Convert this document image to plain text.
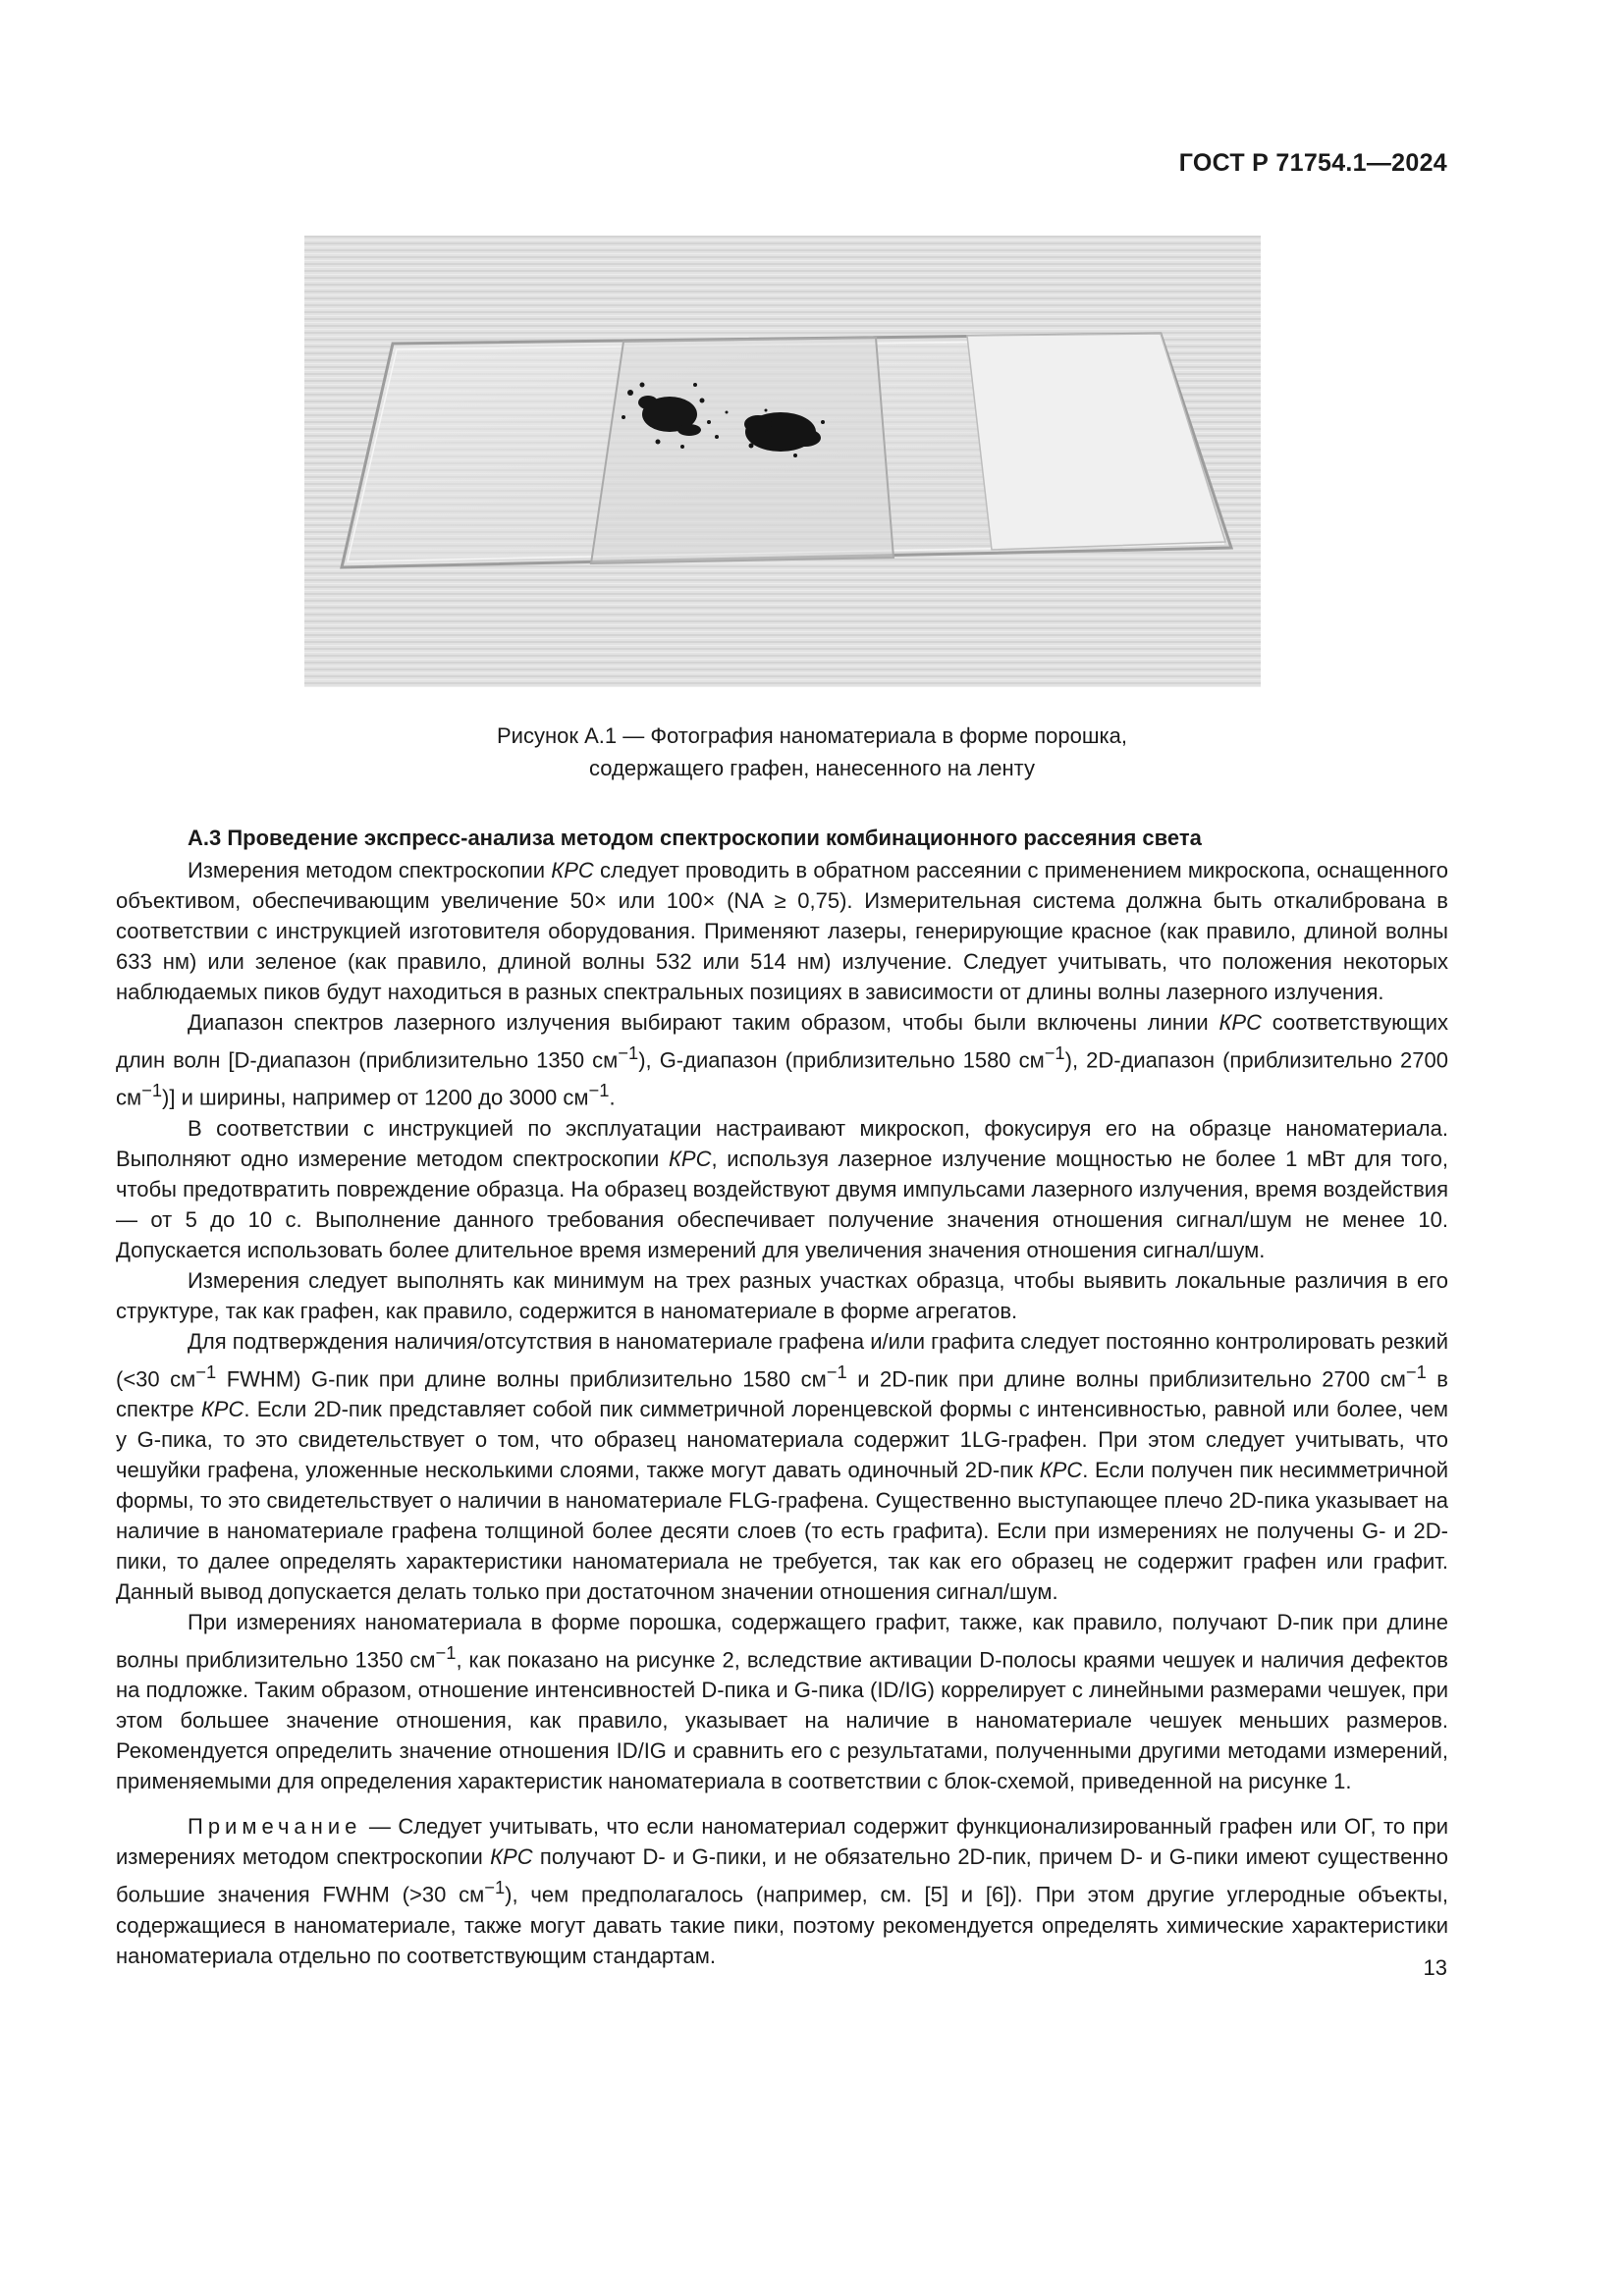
ГОСТ Р 71754.1—2024
Рисунок А.1 — Фотография наноматериала в форме порошка,
содержащего графен, нанесенного на ленту
А.3 Проведение экспресс-анализа методом спектроскопии комбинационного рассеяния света

Измерения методом спектроскопии КРС следует проводить в обратном рассеянии с применением микроскопа, оснащенного объективом, обеспечивающим увеличение 50× или 100× (NA ≥ 0,75). Измерительная система должна быть откалибрована в соответствии с инструкцией изготовителя оборудования. Применяют лазеры, генерирующие красное (как правило, длиной волны 633 нм) или зеленое (как правило, длиной волны 532 или 514 нм) излучение. Следует учитывать, что положения некоторых наблюдаемых пиков будут находиться в разных спектральных позициях в зависимости от длины волны лазерного излучения.

Диапазон спектров лазерного излучения выбирают таким образом, чтобы были включены линии КРС соответствующих длин волн [D-диапазон (приблизительно 1350 $см^{-1}$), G-диапазон (приблизительно 1580 $см^{-1}$), 2D-диапазон (приблизительно 2700 $см^{-1}$)] и ширины, например от 1200 до 3000 $см^{-1}$.

В соответствии с инструкцией по эксплуатации настраивают микроскоп, фокусируя его на образце наноматериала. Выполняют одно измерение методом спектроскопии КРС, используя лазерное излучение мощностью не более 1 мВт для того, чтобы предотвратить повреждение образца. На образец воздействуют двумя импульсами лазерного излучения, время воздействия — от 5 до 10 с. Выполнение данного требования обеспечивает получение значения отношения сигнал/шум не менее 10. Допускается использовать более длительное время измерений для увеличения значения отношения сигнал/шум.

Измерения следует выполнять как минимум на трех разных участках образца, чтобы выявить локальные различия в его структуре, так как графен, как правило, содержится в наноматериале в форме агрегатов.

Для подтверждения наличия/отсутствия в наноматериале графена и/или графита следует постоянно контролировать резкий (<30 $см^{-1}$ FWHM) G-пик при длине волны приблизительно 1580 $см^{-1}$ и 2D-пик при длине волны приблизительно 2700 $см^{-1}$ в спектре КРС. Если 2D-пик представляет собой пик симметричной лоренцевской формы с интенсивностью, равной или более, чем у G-пика, то это свидетельствует о том, что образец наноматериала содержит 1LG-графен. При этом следует учитывать, что чешуйки графена, уложенные несколькими слоями, также могут давать одиночный 2D-пик КРС. Если получен пик несимметричной формы, то это свидетельствует о наличии в наноматериале FLG-графена. Существенно выступающее плечо 2D-пика указывает на наличие в наноматериале графена толщиной более десяти слоев (то есть графита). Если при измерениях не получены G- и 2D-пики, то далее определять характеристики наноматериала не требуется, так как его образец не содержит графен или графит. Данный вывод допускается делать только при достаточном значении отношения сигнал/шум.

При измерениях наноматериала в форме порошка, содержащего графит, также, как правило, получают D-пик при длине волны приблизительно 1350 $см^{-1}$, как показано на рисунке 2, вследствие активации D-полосы краями чешуек и наличия дефектов на подложке. Таким образом, отношение интенсивностей D-пика и G-пика (ID/IG) коррелирует с линейными размерами чешуек, при этом большее значение отношения, как правило, указывает на наличие в наноматериале чешуек меньших размеров. Рекомендуется определить значение отношения ID/IG и сравнить его с результатами, полученными другими методами измерений, применяемыми для определения характеристик наноматериала в соответствии с блок-схемой, приведенной на рисунке 1.

Примечание — Следует учитывать, что если наноматериал содержит функционализированный графен или ОГ, то при измерениях методом спектроскопии КРС получают D- и G-пики, и не обязательно 2D-пик, причем D- и G-пики имеют существенно большие значения FWHM (>30 $см^{-1}$), чем предполагалось (например, см. [5] и [6]). При этом другие углеродные объекты, содержащиеся в наноматериале, также могут давать такие пики, поэтому рекомендуется определять химические характеристики наноматериала отдельно по соответствующим стандартам.	13
